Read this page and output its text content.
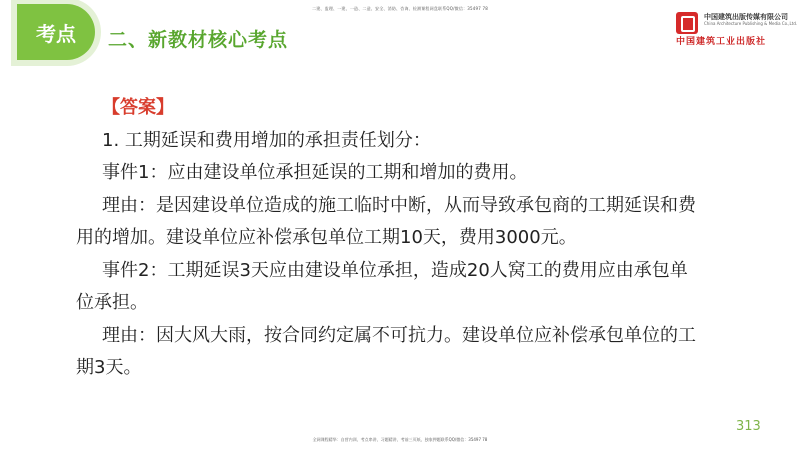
二建、监理、一建、一造、二造、安全、消防、咨询、检测课程网盘联系QQ/微信：35497 78
考点 二、新教材核心考点
中国建筑出版传媒有限公司
China Architecture Publishing & Media Co.,Ltd.
中国建筑工业出版社

【答案】

1. 工期延误和费用增加的承担责任划分：

事件1：应由建设单位承担延误的工期和增加的费用。

理由：是因建设单位造成的施工临时中断，从而导致承包商的工期延误和费

用的增加。建设单位应补偿承包单位工期10天，费用3000元。

事件2：工期延误3天应由建设单位承担，造成20人窝工的费用应由承包单

位承担。

理由：因大风大雨，按合同约定属不可抗力。建设单位应补偿承包单位的工

期3天。

313
全网课程精华：自营内训、考点串讲、习题精讲、考前三页纸、独家押题联系QQ/微信：35497 78
